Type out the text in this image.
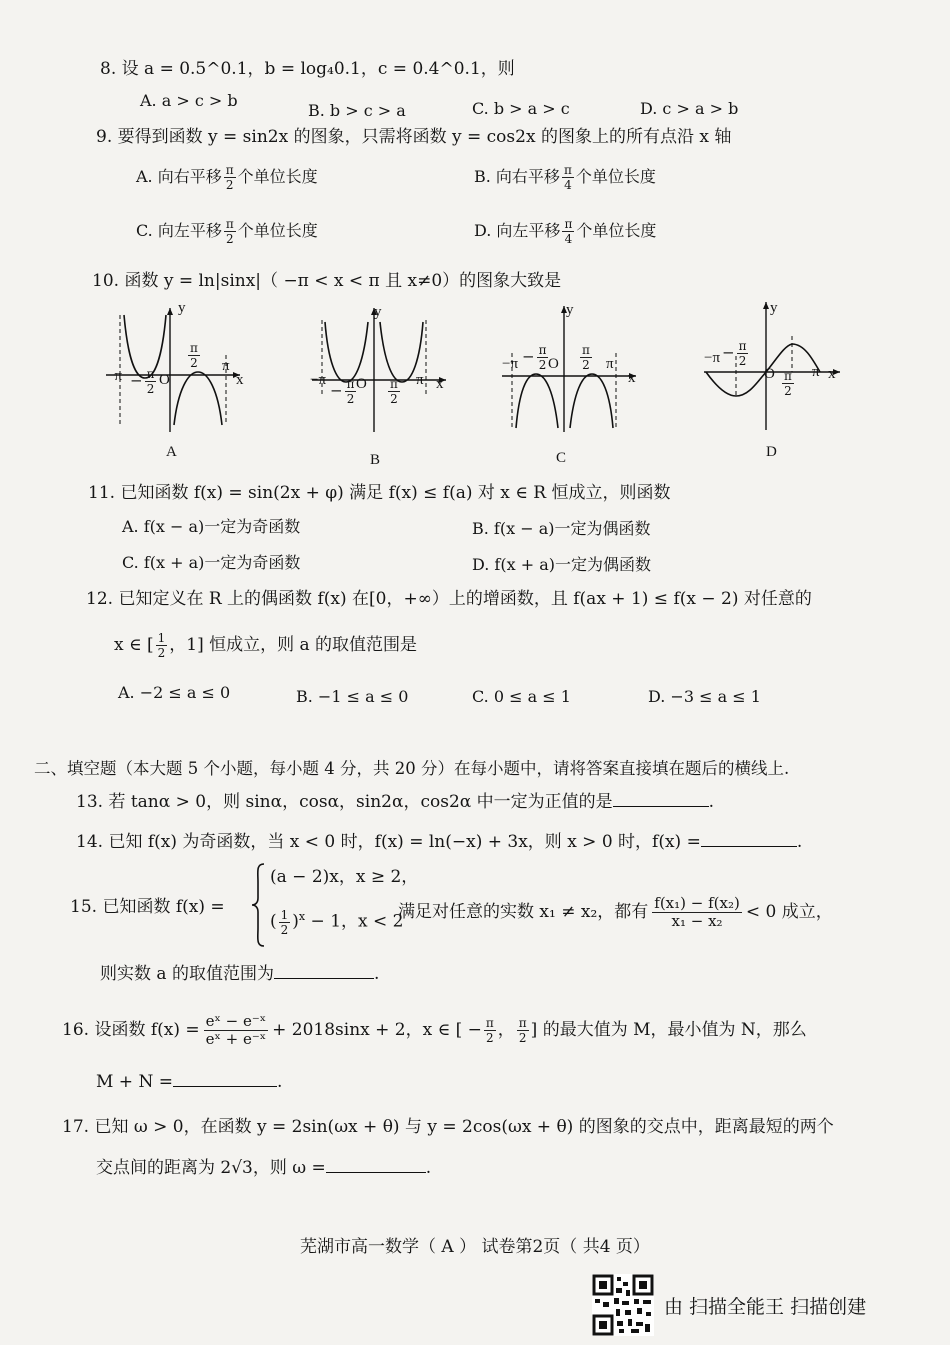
8. 设 a = 0.5^0.1，b = log₄0.1，c = 0.4^0.1，则
A. a > c > b
B. b > c > a	C. b > a > c	D. c > a > b
9. 要得到函数 y = sin2x 的图象，只需将函数 y = cos2x 的图象上的所有点沿 x 轴
A. 向右平移 $\frac{\pi}{2}$ 个单位长度	B. 向右平移 $\frac{\pi}{4}$ 个单位长度
C. 向左平移 $\frac{\pi}{2}$ 个单位长度	D. 向左平移 $\frac{\pi}{4}$ 个单位长度
10. 函数 y = ln|sinx|（ −π < x < π 且 x≠0）的图象大致是
y
x
O
−π
π
− $\frac{\pi}{2}$
$\frac{\pi}{2}$
A
y
x
O
−π	π
− $\frac{\pi}{2}$	$\frac{\pi}{2}$
B
y
x
O
−π	π
− $\frac{\pi}{2}$	$\frac{\pi}{2}$
C
y
x
O
−π
π
− $\frac{\pi}{2}$
$\frac{\pi}{2}$
D
11. 已知函数 f(x) = sin(2x + φ) 满足 f(x) ≤ f(a) 对 x ∈ R 恒成立，则函数
A. f(x − a)一定为奇函数	B. f(x − a)一定为偶函数
C. f(x + a)一定为奇函数	D. f(x + a)一定为偶函数
12. 已知定义在 R 上的偶函数 f(x) 在[0，+∞）上的增函数，且 f(ax + 1) ≤ f(x − 2) 对任意的
x ∈ [ $\frac{1}{2}$ ，1] 恒成立，则 a 的取值范围是
A. −2 ≤ a ≤ 0	B. −1 ≤ a ≤ 0	C. 0 ≤ a ≤ 1	D. −3 ≤ a ≤ 1
二、填空题（本大题 5 个小题，每小题 4 分，共 20 分）在每小题中，请将答案直接填在题后的横线上.
13. 若 tanα > 0，则 sinα，cosα，sin2α，cos2α 中一定为正值的是	.
14. 已知 f(x) 为奇函数，当 x < 0 时，f(x) = ln(−x) + 3x，则 x > 0 时，f(x) =	.
15. 已知函数 f(x) =
(a − 2)x，x ≥ 2，
( $\frac{1}{2} )^x - 1$，x < 2
满足对任意的实数 x₁ ≠ x₂，都有 $\frac{\text{f(x₁) − f(x₂)}}{\text{x₁ − x₂}} < 0$ 成立，
则实数 a 的取值范围为	.
16. 设函数 $f(x) = \frac{\text{eˣ − e⁻ˣ}}{\text{eˣ + e⁻ˣ}} + 2018\sin x + 2$，x ∈ [ − $\frac{\pi}{2}$ ， $\frac{\pi}{2}$ ] 的最大值为 M，最小值为 N，那么
M + N =	.
17. 已知 ω > 0，在函数 y = 2sin(ωx + θ) 与 y = 2cos(ωx + θ) 的图象的交点中，距离最短的两个
交点间的距离为 2√3，则 ω =	.
芜湖市高一数学（ A ） 试卷第2页（ 共4 页）
由 扫描全能王 扫描创建
